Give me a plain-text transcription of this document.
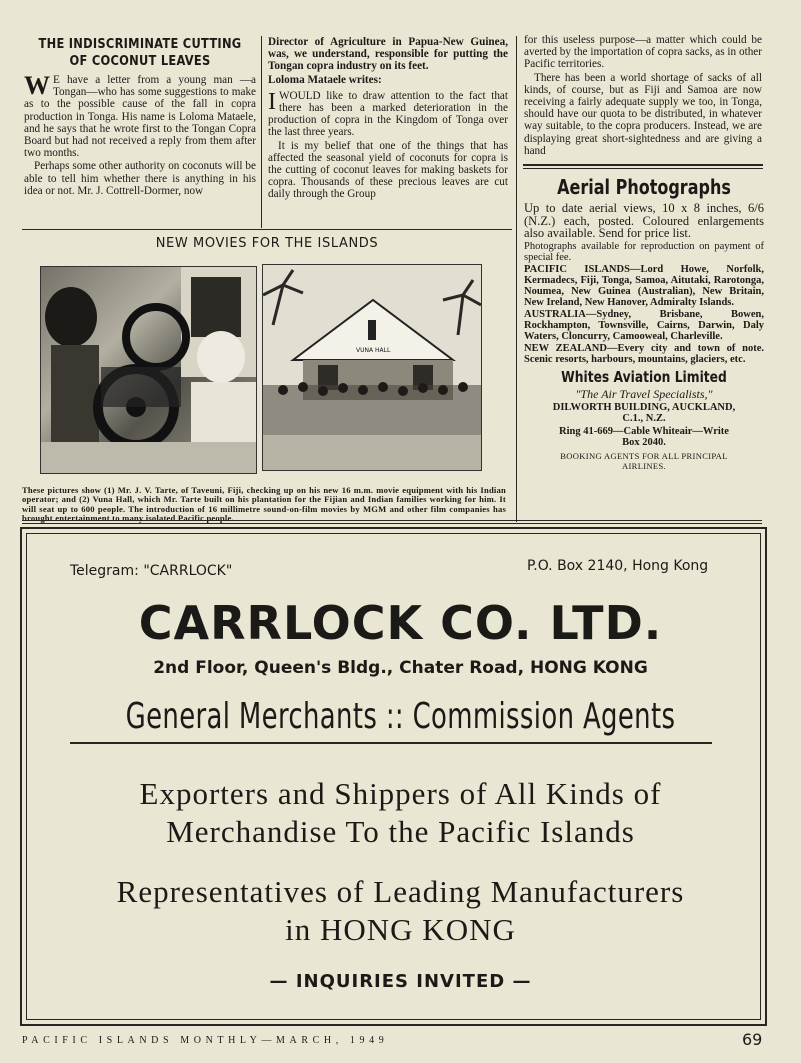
THE INDISCRIMINATE CUTTING
OF COCONUT LEAVES

W E have a letter from a young man —a Tongan—who has some suggestions to make as to the possible cause of the fall in copra production in Tonga. His name is Loloma Mataele, and he says that he wrote first to the Tongan Copra Board but had not received a reply from them after two months.

Perhaps some other authority on coconuts will be able to tell him whether there is anything in his idea or not. Mr. J. Cottrell-Dormer, now

Director of Agriculture in Papua-New Guinea, was, we understand, responsible for putting the Tongan copra industry on its feet.

Loloma Mataele writes:

IWOULD like to draw attention to the fact that there has been a marked deterioration in the production of copra in the Kingdom of Tonga over the last three years.

It is my belief that one of the things that has affected the seasonal yield of coconuts for copra is the cutting of coconut leaves for making baskets for copra. Thousands of these precious leaves are cut daily through the Group

for this useless purpose—a matter which could be averted by the importation of copra sacks, as in other Pacific territories.

There has been a world shortage of sacks of all kinds, of course, but as Fiji and Samoa are now receiving a fairly adequate supply we too, in Tonga, should have our quota to be distributed, in whatever way suitable, to the copra producers. Instead, we are displaying great short-sightedness and are giving a hand

NEW MOVIES FOR THE ISLANDS
VUNA HALL
These pictures show (1) Mr. J. V. Tarte, of Taveuni, Fiji, checking up on his new 16 m.m. movie equipment with his Indian operator; and (2) Vuna Hall, which Mr. Tarte built on his plantation for the Fijian and Indian families working for him. It will seat up to 600 people. The introduction of 16 millimetre sound-on-film movies by MGM and other film companies has brought entertainment to many isolated Pacific people.
Aerial Photographs

Up to date aerial views, 10 x 8 inches, 6/6 (N.Z.) each, posted. Coloured enlargements also available. Send for price list.

Photographs available for reproduction on payment of special fee.

PACIFIC ISLANDS—Lord Howe, Norfolk, Kermadecs, Fiji, Tonga, Samoa, Aitutaki, Rarotonga, Noumea, New Guinea (Australian), New Britain, New Ireland, New Hanover, Admiralty Islands.

AUSTRALIA—Sydney, Brisbane, Bowen, Rockhampton, Townsville, Cairns, Darwin, Daly Waters, Cloncurry, Camooweal, Charleville.

NEW ZEALAND—Every city and town of note. Scenic resorts, harbours, mountains, glaciers, etc.

Whites Aviation Limited
"The Air Travel Specialists,"
DILWORTH BUILDING, AUCKLAND,
C.1., N.Z.
Ring 41-669—Cable Whiteair—Write
Box 2040.
BOOKING AGENTS FOR ALL PRINCIPAL
AIRLINES.
Telegram: "CARRLOCK"	P.O. Box 2140, Hong Kong
CARRLOCK CO. LTD.
2nd Floor, Queen's Bldg., Chater Road, HONG KONG
General Merchants :: Commission Agents
Exporters and Shippers of All Kinds of
Merchandise To the Pacific Islands
Representatives of Leading Manufacturers
in HONG KONG
— INQUIRIES INVITED —
PACIFIC ISLANDS MONTHLY—MARCH, 1949	69
